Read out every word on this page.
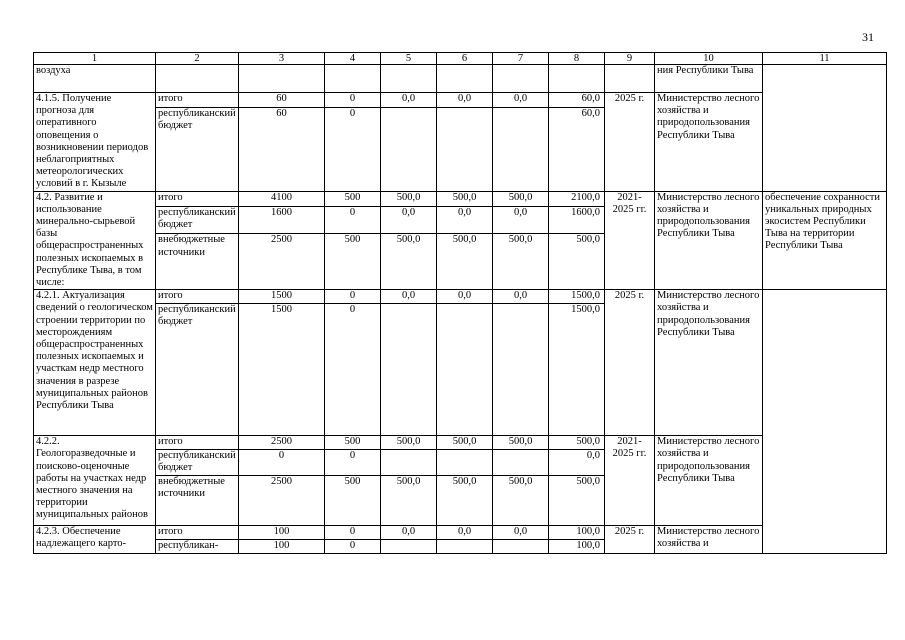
31
1	2	3	4	5	6	7	8	9	10	11
воздуха									ния Республики Тыва	
4.1.5. Получение прогноза для оперативного оповещения о возникновении периодов неблагоприятных метеорологических условий в г. Кызыле	итого	60	0	0,0	0,0	0,0	60,0	2025 г.	Министерство лесного хозяйства и природопользования Республики Тыва	
	республиканский бюджет	60	0				60,0			
4.2. Развитие и использование минерально-сырьевой базы общераспространенных полезных ископаемых в Республике Тыва, в том числе:	итого	4100	500	500,0	500,0	500,0	2100,0	2021-2025 гг.	Министерство лесного хозяйства и природопользования Республики Тыва	обеспечение сохранности уникальных природных экосистем Республики Тыва на территории Республики Тыва
	республиканский бюджет	1600	0	0,0	0,0	0,0	1600,0			
	внебюджетные источники	2500	500	500,0	500,0	500,0	500,0			
4.2.1. Актуализация сведений о геологическом строении территории по месторождениям общераспространенных полезных ископаемых и участкам недр местного значения в разрезе муниципальных районов Республики Тыва	итого	1500	0	0,0	0,0	0,0	1500,0	2025 г.	Министерство лесного хозяйства и природопользования Республики Тыва	
	республиканский бюджет	1500	0				1500,0			
4.2.2. Геологоразведочные и поисково-оценочные работы на участках недр местного значения на территории муниципальных районов	итого	2500	500	500,0	500,0	500,0	500,0	2021-2025 гг.	Министерство лесного хозяйства и природопользования Республики Тыва	
	республиканский бюджет	0	0				0,0			
	внебюджетные источники	2500	500	500,0	500,0	500,0	500,0			
4.2.3. Обеспечение надлежащего карто-	итого	100	0	0,0	0,0	0,0	100,0	2025 г.	Министерство лесного хозяйства и	
	республикан-	100	0				100,0			
